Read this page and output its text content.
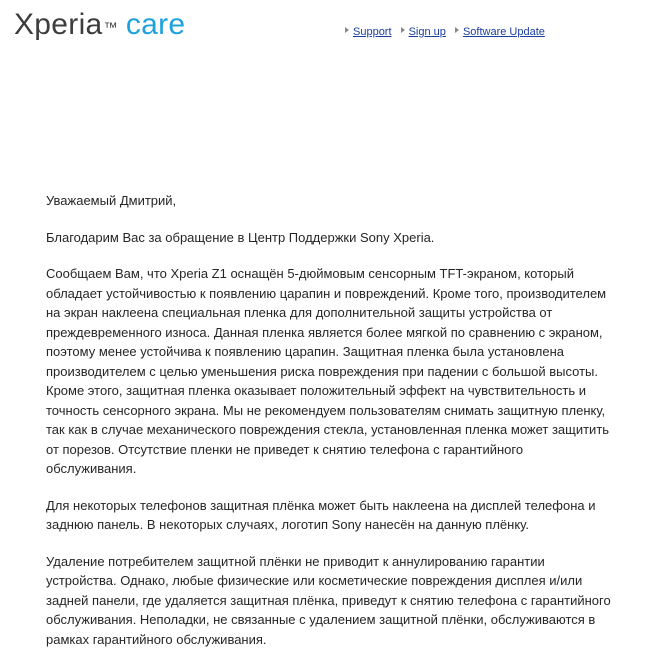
Xperia™ care	Support Sign up Software Update

Уважаемый Дмитрий,

Благодарим Вас за обращение в Центр Поддержки Sony Xperia.

Сообщаем Вам, что Xperia Z1 оснащён 5-дюймовым сенсорным TFT-экраном, который обладает устойчивостью к появлению царапин и повреждений. Кроме того, производителем на экран наклеена специальная пленка для дополнительной защиты устройства от преждевременного износа. Данная пленка является более мягкой по сравнению с экраном, поэтому менее устойчива к появлению царапин. Защитная пленка была установлена производителем с целью уменьшения риска повреждения при падении с большой высоты. Кроме этого, защитная пленка оказывает положительный эффект на чувствительность и точность сенсорного экрана. Мы не рекомендуем пользователям снимать защитную пленку, так как в случае механического повреждения стекла, установленная пленка может защитить от порезов. Отсутствие пленки не приведет к снятию телефона с гарантийного обслуживания.

Для некоторых телефонов защитная плёнка может быть наклеена на дисплей телефона и заднюю панель. В некоторых случаях, логотип Sony нанесён на данную плёнку.

Удаление потребителем защитной плёнки не приводит к аннулированию гарантии устройства. Однако, любые физические или косметические повреждения дисплея и/или задней панели, где удаляется защитная плёнка, приведут к снятию телефона с гарантийного обслуживания. Неполадки, не связанные с удалением защитной плёнки, обслуживаются в рамках гарантийного обслуживания.
